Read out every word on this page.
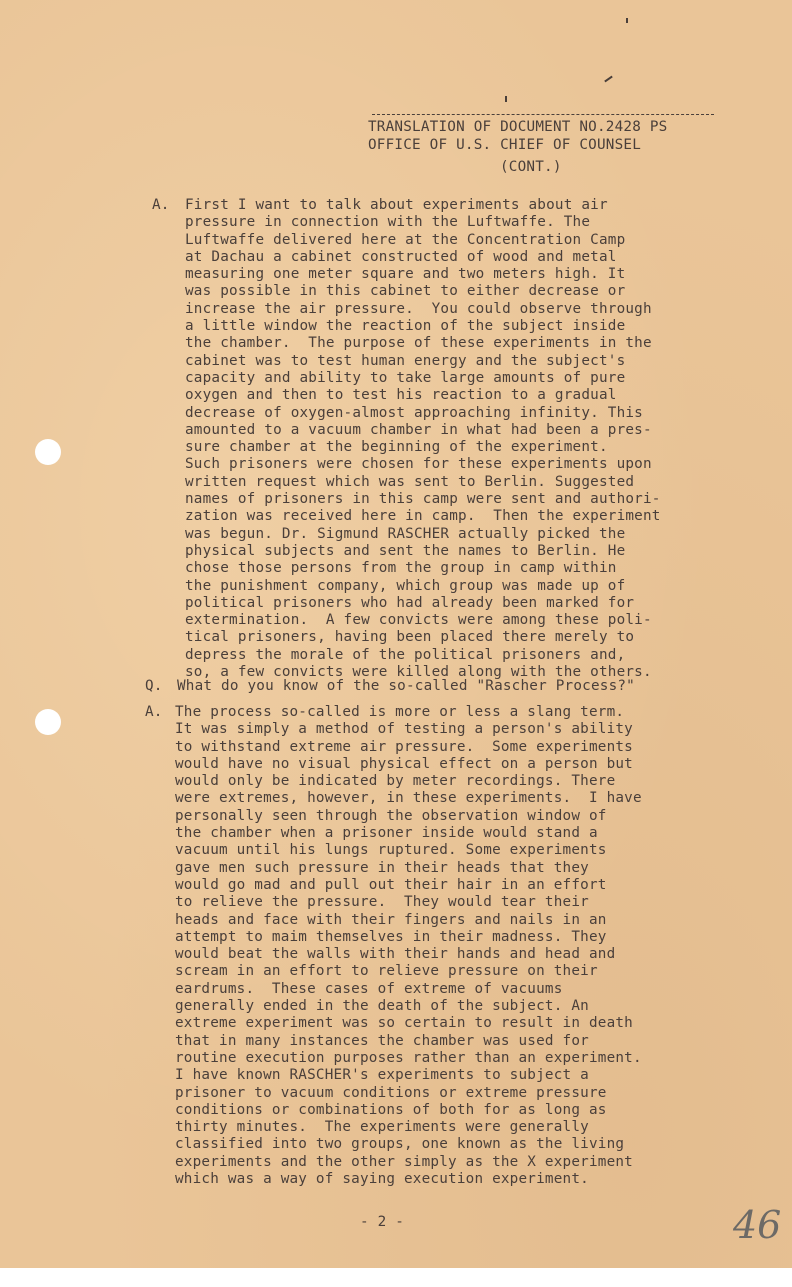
TRANSLATION OF DOCUMENT NO.2428 PS
OFFICE OF U.S. CHIEF OF COUNSEL
(CONT.)
A. First I want to talk about experiments about air
pressure in connection with the Luftwaffe. The
Luftwaffe delivered here at the Concentration Camp
at Dachau a cabinet constructed of wood and metal
measuring one meter square and two meters high. It
was possible in this cabinet to either decrease or
increase the air pressure.  You could observe through
a little window the reaction of the subject inside
the chamber.  The purpose of these experiments in the
cabinet was to test human energy and the subject's
capacity and ability to take large amounts of pure
oxygen and then to test his reaction to a gradual
decrease of oxygen-almost approaching infinity. This
amounted to a vacuum chamber in what had been a pres-
sure chamber at the beginning of the experiment.
Such prisoners were chosen for these experiments upon
written request which was sent to Berlin. Suggested
names of prisoners in this camp were sent and authori-
zation was received here in camp.  Then the experiment
was begun. Dr. Sigmund RASCHER actually picked the
physical subjects and sent the names to Berlin. He
chose those persons from the group in camp within
the punishment company, which group was made up of
political prisoners who had already been marked for
extermination.  A few convicts were among these poli-
tical prisoners, having been placed there merely to
depress the morale of the political prisoners and,
so, a few convicts were killed along with the others.
Q. What do you know of the so-called "Rascher Process?"
A. The process so-called is more or less a slang term.
It was simply a method of testing a person's ability
to withstand extreme air pressure.  Some experiments
would have no visual physical effect on a person but
would only be indicated by meter recordings. There
were extremes, however, in these experiments.  I have
personally seen through the observation window of
the chamber when a prisoner inside would stand a
vacuum until his lungs ruptured. Some experiments
gave men such pressure in their heads that they
would go mad and pull out their hair in an effort
to relieve the pressure.  They would tear their
heads and face with their fingers and nails in an
attempt to maim themselves in their madness. They
would beat the walls with their hands and head and
scream in an effort to relieve pressure on their
eardrums.  These cases of extreme of vacuums
generally ended in the death of the subject. An
extreme experiment was so certain to result in death
that in many instances the chamber was used for
routine execution purposes rather than an experiment.
I have known RASCHER's experiments to subject a
prisoner to vacuum conditions or extreme pressure
conditions or combinations of both for as long as
thirty minutes.  The experiments were generally
classified into two groups, one known as the living
experiments and the other simply as the X experiment
which was a way of saying execution experiment.
- 2 -	46
